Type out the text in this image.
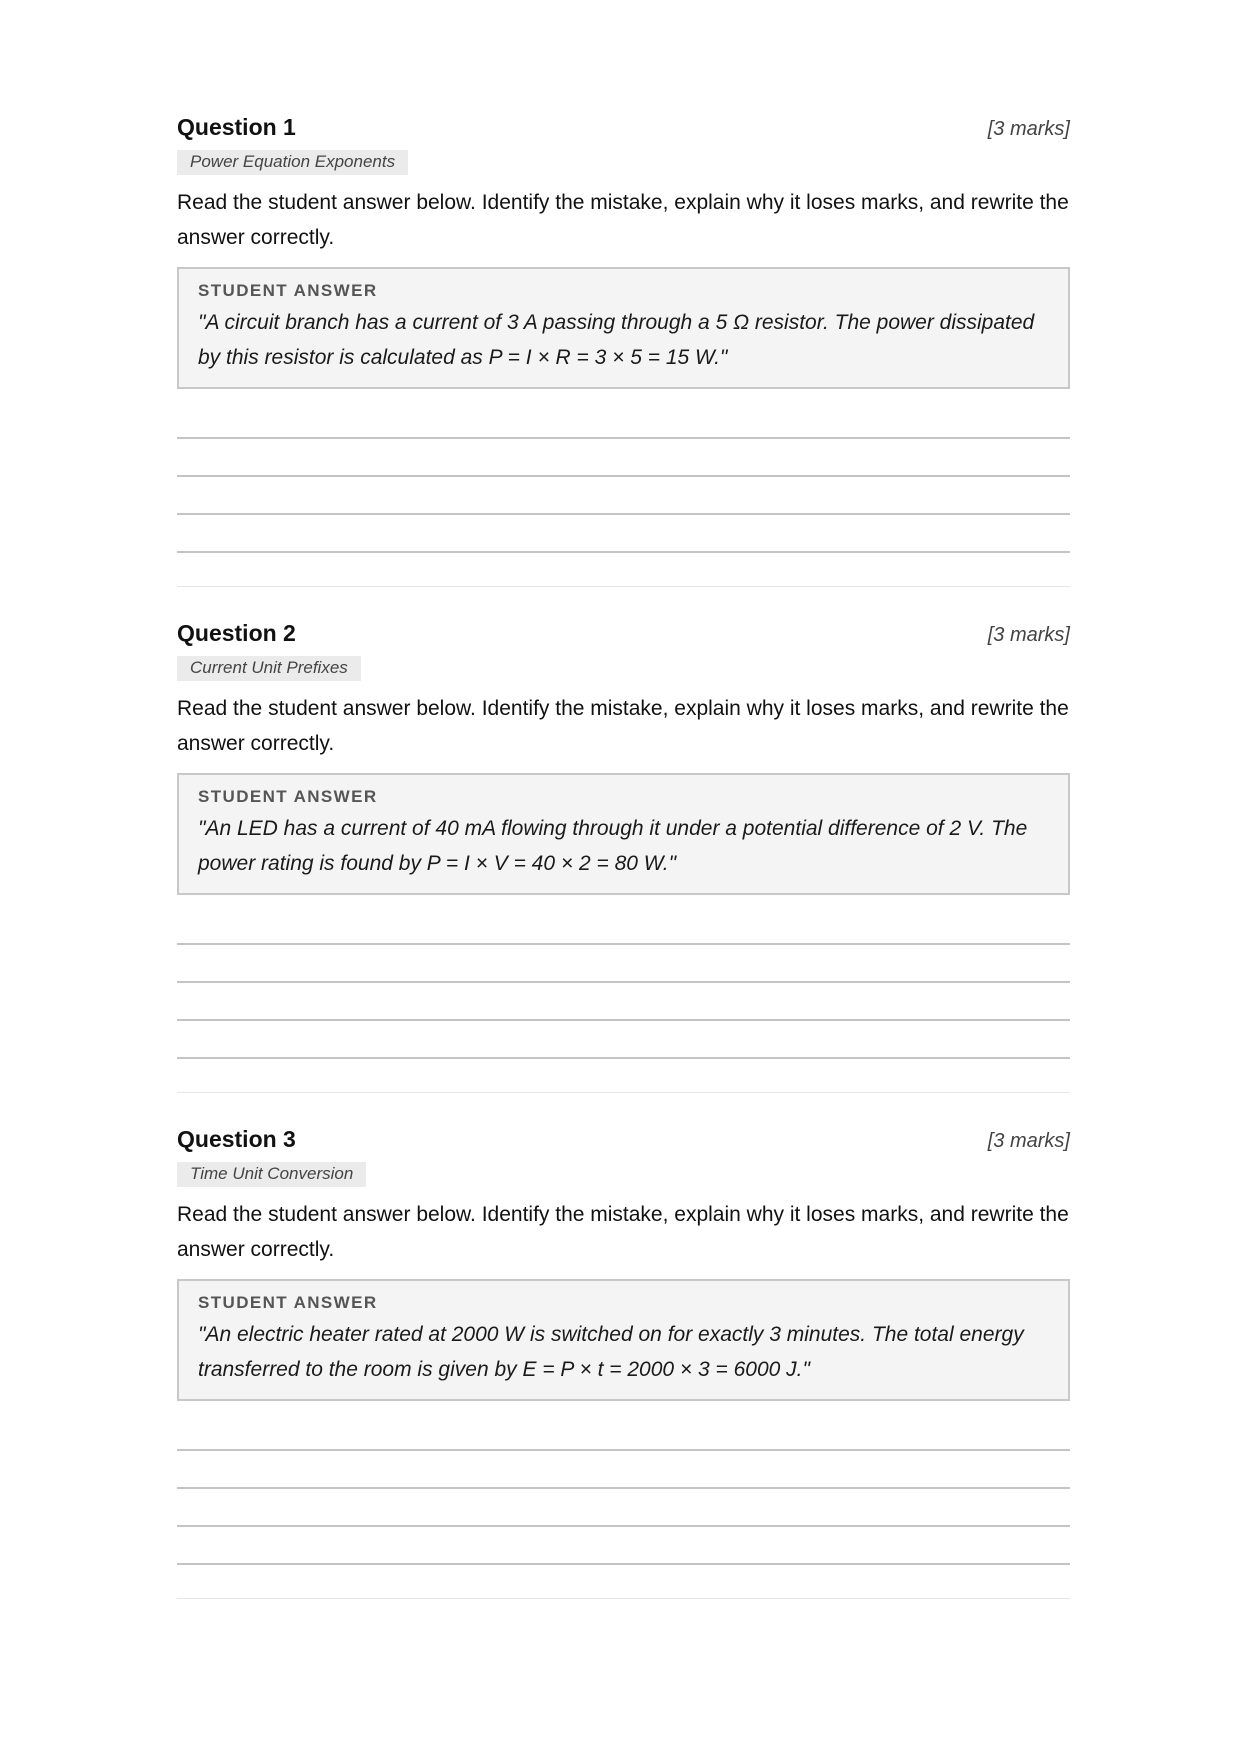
Question 1	[3 marks]
Power Equation Exponents
Read the student answer below. Identify the mistake, explain why it loses marks, and rewrite the answer correctly.
STUDENT ANSWER
"A circuit branch has a current of 3 A passing through a 5 Ω resistor. The power dissipated by this resistor is calculated as P = I × R = 3 × 5 = 15 W."
Question 2	[3 marks]
Current Unit Prefixes
Read the student answer below. Identify the mistake, explain why it loses marks, and rewrite the answer correctly.
STUDENT ANSWER
"An LED has a current of 40 mA flowing through it under a potential difference of 2 V. The power rating is found by P = I × V = 40 × 2 = 80 W."
Question 3	[3 marks]
Time Unit Conversion
Read the student answer below. Identify the mistake, explain why it loses marks, and rewrite the answer correctly.
STUDENT ANSWER
"An electric heater rated at 2000 W is switched on for exactly 3 minutes. The total energy transferred to the room is given by E = P × t = 2000 × 3 = 6000 J."
